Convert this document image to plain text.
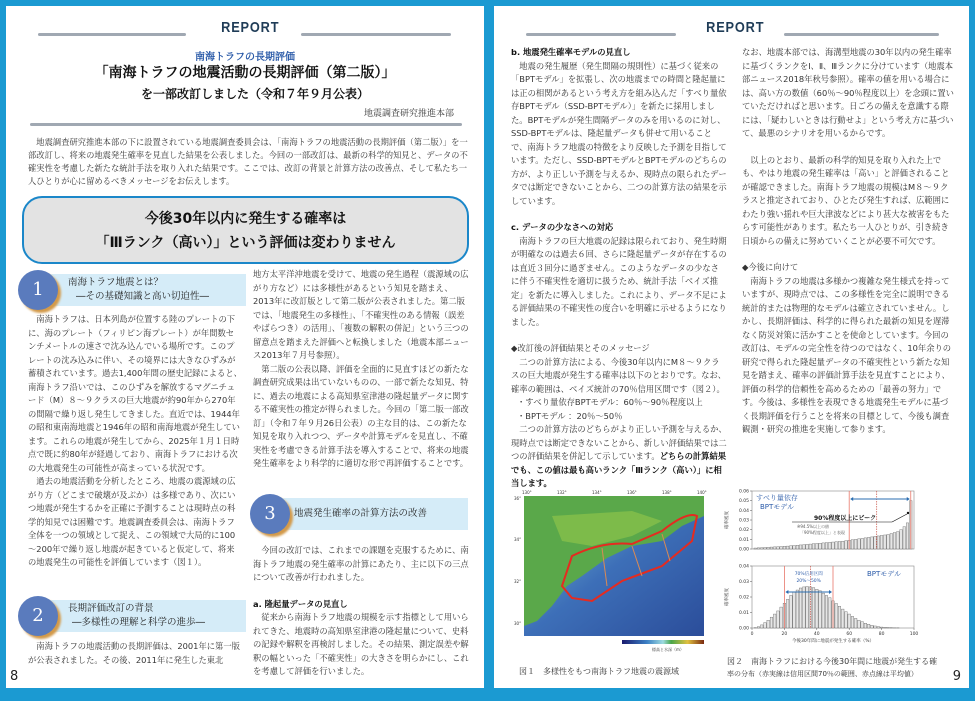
REPORT
南海トラフの長期評価
「南海トラフの地震活動の長期評価（第二版）」
を一部改訂しました（令和７年９月公表）
地震調査研究推進本部

地震調査研究推進本部の下に設置されている地震調査委員会は、「南海トラフの地震活動の長期評価（第二版）」を一部改訂し、将来の地震発生確率を見直した結果を公表しました。今回の一部改訂は、最新の科学的知見と、データの不確実性を考慮した新たな統計手法を取り入れた結果です。ここでは、改訂の背景と計算方法の改善点、そして私たち一人ひとりが心に留めるべきメッセージをお伝えします。

今後30年以内に発生する確率は
「Ⅲランク（高い）」という評価は変わりません
1	南海トラフ地震とは？
―その基礎知識と高い切迫性―

南海トラフは、日本列島が位置する陸のプレートの下に、海のプレート（フィリピン海プレート）が年間数センチメートルの速さで沈み込んでいる場所です。このプレートの沈み込みに伴い、その境界には大きなひずみが蓄積されています。過去1,400年間の歴史記録によると、南海トラフ沿いでは、このひずみを解放するマグニチュード（M）８～９クラスの巨大地震が約90年から270年の間隔で繰り返し発生してきました。直近では、1944年の昭和東南海地震と1946年の昭和南海地震が発生しています。これらの地震が発生してから、2025年１月１日時点で既に約80年が経過しており、南海トラフにおける次の大地震発生の可能性が高まっている状況です。

過去の地震活動を分析したところ、地震の震源域の広がり方（どこまで破壊が及ぶか）は多様であり、次にいつ地震が発生するかを正確に予測することは現時点の科学的知見では困難です。地震調査委員会は、南海トラフ全体を一つの領域として捉え、この領域で大局的に100～200年で繰り返し地震が起きていると仮定して、将来の地震発生の可能性を評価しています（図１）。

2	長期評価改訂の背景
―多様性の理解と科学の進歩―

南海トラフの地震活動の長期評価は、2001年に第一版が公表されました。その後、2011年に発生した東北

地方太平洋沖地震を受けて、地震の発生過程（震源域の広がり方など）には多様性があるという知見を踏まえ、2013年に改訂版として第二版が公表されました。第二版では、「地震発生の多様性」、「不確実性のある情報（誤差やばらつき）の活用」、「複数の解釈の併記」という三つの留意点を踏まえた評価へと転換しました（地震本部ニュース2013年７月号参照）。

第二版の公表以降、評価を全面的に見直すほどの新たな調査研究成果は出ていないものの、一部で新たな知見、特に、過去の地震による高知県室津港の隆起量データに関する不確実性の推定が得られました。今回の「第二版一部改訂」（令和７年９月26日公表）の主な目的は、この新たな知見を取り入れつつ、データや計算モデルを見直し、不確実性を考慮できる計算手法を導入することで、将来の地震発生確率をより科学的に適切な形で再評価することです。

3	地震発生確率の計算方法の改善

今回の改訂では、これまでの課題を克服するために、南海トラフ地震の発生確率の計算にあたり、主に以下の三点について改善が行われました。

a. 隆起量データの見直し

従来から南海トラフ地震の規模を示す指標として用いられてきた、地震時の高知県室津港の隆起量について、史料の記録や解釈を再検討しました。その結果、測定誤差や解釈の幅といった「不確実性」の大きさを明らかにし、これを考慮して評価を行いました。

8
REPORT

b. 地震発生確率モデルの見直し

地震の発生履歴（発生間隔の規則性）に基づく従来の「BPTモデル」を拡張し、次の地震までの時間と隆起量には正の相関があるという考え方を組み込んだ「すべり量依存BPTモデル（SSD-BPTモデル）」を新たに採用しました。BPTモデルが発生間隔データのみを用いるのに対し、SSD-BPTモデルは、隆起量データも併せて用いることで、南海トラフ地震の特徴をより反映した予測を目指しています。ただし、SSD-BPTモデルとBPTモデルのどちらの方が、より正しい予測を与えるか、現時点の限られたデータでは断定できないことから、二つの計算方法の結果を示しています。

c. データの少なさへの対応

南海トラフの巨大地震の記録は限られており、発生時期が明確なのは過去６回、さらに隆起量データが存在するのは直近３回分に過ぎません。このようなデータの少なさに伴う不確実性を適切に扱うため、統計手法「ベイズ推定」を新たに導入しました。これにより、データ不足による評価結果の不確実性の度合いを明確に示せるようになりました。

◆改訂後の評価結果とそのメッセージ

二つの計算方法による、今後30年以内にM８～９クラスの巨大地震が発生する確率は以下のとおりです。なお、確率の範囲は、ベイズ統計の70％信用区間です（図２）。

・すべり量依存BPTモデル：60％～90％程度以上

・BPTモデル ：20％～50％

二つの計算方法のどちらがより正しい予測を与えるか、現時点では断定できないことから、新しい評価結果では二つの評価結果を併記して示しています。どちらの計算結果でも、この値は最も高いランク「Ⅲランク（高い）」に相当します。

なお、地震本部では、海溝型地震の30年以内の発生確率に基づくランクをⅠ、Ⅱ、Ⅲランクに分けています（地震本部ニュース2018年秋号参照）。確率の値を用いる場合には、高い方の数値（60％～90％程度以上）を念頭に置いていただければと思います。日ごろの備えを意識する際には、「疑わしいときは行動せよ」という考え方に基づいて、最悪のシナリオを用いるからです。

以上のとおり、最新の科学的知見を取り入れた上でも、やはり地震の発生確率は「高い」と評価されることが確認できました。南海トラフ地震の規模はM８～９クラスと推定されており、ひとたび発生すれば、広範囲にわたり強い揺れや巨大津波などにより甚大な被害をもたらす可能性があります。私たち一人ひとりが、引き続き日頃からの備えに努めていくことが必要不可欠です。

◆今後に向けて

南海トラフの地震は多様かつ複雑な発生様式を持っていますが、現時点では、この多様性を完全に説明できる統計的または物理的なモデルは確立されていません。しかし、長期評価は、科学的に得られた最新の知見を遅滞なく防災対策に活かすことを使命としています。今回の改訂は、モデルの完全性を待つのではなく、10年余りの研究で得られた隆起量データの不確実性という新たな知見を踏まえ、確率の評価計算手法を見直すことにより、評価の科学的信頼性を高めるための「最善の努力」です。今後は、多様性を表現できる地震発生モデルに基づく長期評価を行うことを将来の目標として、今後も調査観測・研究の推進を実施して参ります。

130°	132°	134°	136°	138°	140°
36°
34°
32°
30°
標高と水深（m）
図１　多様性をもつ南海トラフ地震の震源域
0.00
0.01
0.02
0.03
0.04
0.05
0.06
確率密度
すべり量依存
BPTモデル
90%程度以上にピーク
※94.5%以上の値
「90%程度以上」と表現
0.00
0.01
0.02
0.03
0.04
確率密度
BPTモデル
70%信用区間
20%～50%
0	20	40	60	80	100
今後30年間に地震が発生する確率（%）
図２　南海トラフにおける今後30年間に地震が発生する確
率の分布（赤実線は信用区間70％の範囲、赤点線は平均値）	9
